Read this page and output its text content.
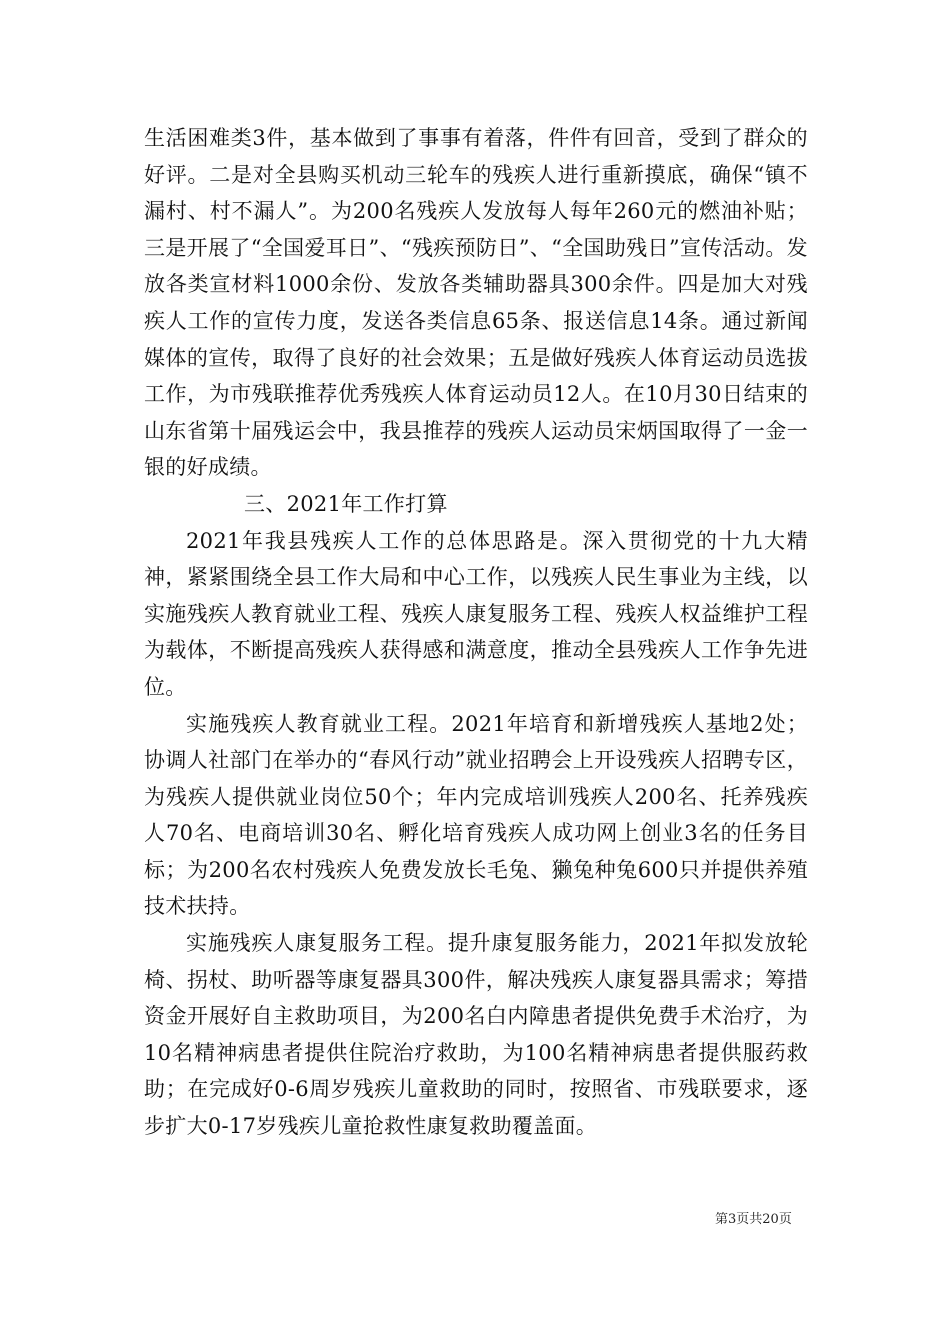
生活困难类3件，基本做到了事事有着落，件件有回音，受到了群众的好评。二是对全县购买机动三轮车的残疾人进行重新摸底，确保“镇不漏村、村不漏人”。为200名残疾人发放每人每年260元的燃油补贴；三是开展了“全国爱耳日”、“残疾预防日”、“全国助残日”宣传活动。发放各类宣材料1000余份、发放各类辅助器具300余件。四是加大对残疾人工作的宣传力度，发送各类信息65条、报送信息14条。通过新闻媒体的宣传，取得了良好的社会效果；五是做好残疾人体育运动员选拔工作，为市残联推荐优秀残疾人体育运动员12人。在10月30日结束的山东省第十届残运会中，我县推荐的残疾人运动员宋炳国取得了一金一银的好成绩。

三、2021年工作打算

2021年我县残疾人工作的总体思路是。深入贯彻党的十九大精神，紧紧围绕全县工作大局和中心工作，以残疾人民生事业为主线，以实施残疾人教育就业工程、残疾人康复服务工程、残疾人权益维护工程为载体，不断提高残疾人获得感和满意度，推动全县残疾人工作争先进位。

实施残疾人教育就业工程。2021年培育和新增残疾人基地2处；协调人社部门在举办的“春风行动”就业招聘会上开设残疾人招聘专区，为残疾人提供就业岗位50个；年内完成培训残疾人200名、托养残疾人70名、电商培训30名、孵化培育残疾人成功网上创业3名的任务目标；为200名农村残疾人免费发放长毛兔、獭兔种兔600只并提供养殖技术扶持。

实施残疾人康复服务工程。提升康复服务能力，2021年拟发放轮椅、拐杖、助听器等康复器具300件，解决残疾人康复器具需求；筹措资金开展好自主救助项目，为200名白内障患者提供免费手术治疗，为10名精神病患者提供住院治疗救助，为100名精神病患者提供服药救助；在完成好0-6周岁残疾儿童救助的同时，按照省、市残联要求，逐步扩大0-17岁残疾儿童抢救性康复救助覆盖面。

第3页共20页
